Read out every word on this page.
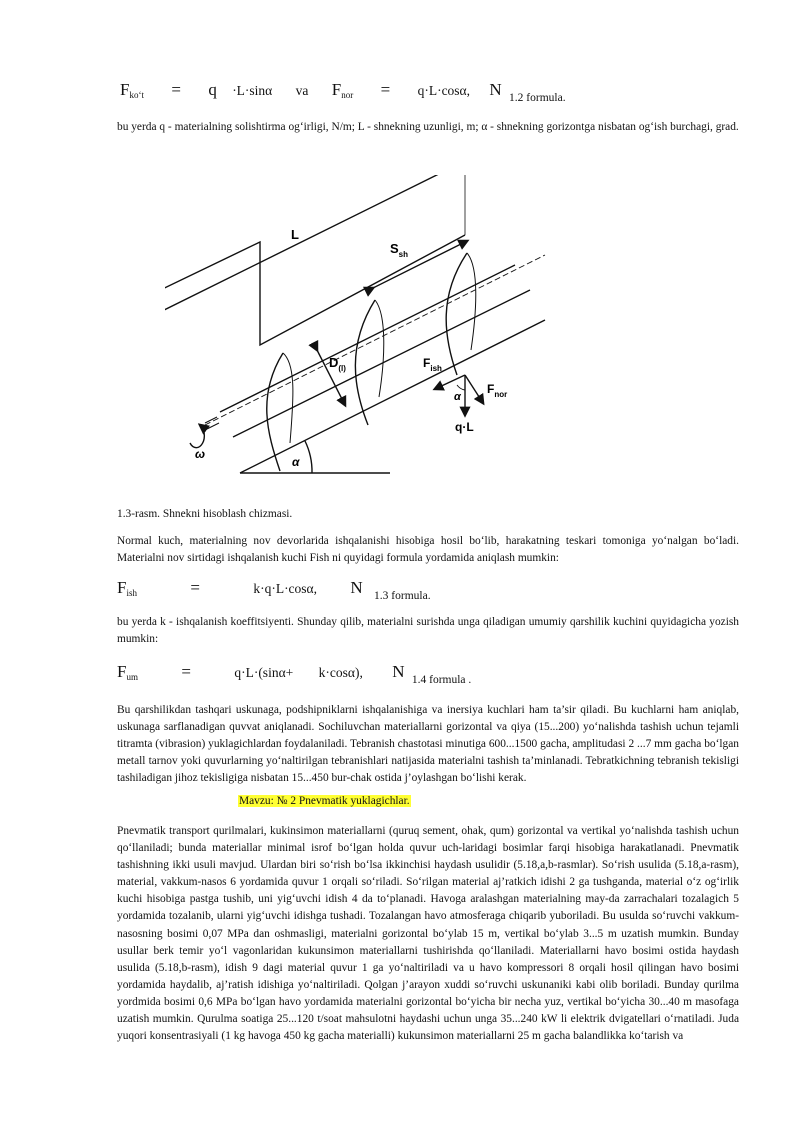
$F_{ko‘t} = q \cdot L\cdot\sin\alpha$ va $F_{nor} = q\cdot L\cdot\cos\alpha$, N 1.2 formula.
bu yerda q - materialning solishtirma og‘irligi, N/m; L - shnekning uzunligi, m; α - shnekning gorizontga nisbatan og‘ish burchagi, grad.
L
$S_{sh}$
$D_{(l)}$	$F_{ish}$
$F_{nor}$
q·L
α
α
ω
1.3-rasm. Shnekni hisoblash chizmasi.
Normal kuch, materialning nov devorlarida ishqalanishi hisobiga hosil bo‘lib, harakatning teskari tomoniga yo‘nalgan bo‘ladi. Materialni nov sirtidagi ishqalanish kuchi Fish ni quyidagi formula yordamida aniqlash mumkin:
$F_{ish}$	=	k·q·L·cosα, N 1.3 formula.
bu yerda k - ishqalanish koeffitsiyenti. Shunday qilib, materialni surishda unga qiladigan umumiy qarshilik kuchini quyidagicha yozish mumkin:
$F_{um}$	=	q·L·(sinα+ k·cosα), N 1.4 formula .
Bu qarshilikdan tashqari uskunaga, podshipniklarni ishqalanishiga va inersiya kuchlari ham ta’sir qiladi. Bu kuchlarni ham aniqlab, uskunaga sarflanadigan quvvat aniqlanadi. Sochiluvchan materiallarni gorizontal va qiya (15...200) yo‘nalishda tashish uchun tejamli titramta (vibrasion) yuklagichlardan foydalaniladi. Tebranish chastotasi minutiga 600...1500 gacha, amplitudasi 2 ...7 mm gacha bo‘lgan metall tarnov yoki quvurlarning yo‘naltirilgan tebranishlari natijasida materialni tashish ta’minlanadi. Tebratkichning tebranish tekisligi tashiladigan jihoz tekisligiga nisbatan 15...450 bur-chak ostida j’oylashgan bo‘lishi kerak.
Mavzu: № 2 Pnevmatik yuklagichlar.
Pnevmatik transport qurilmalari, kukinsimon materiallarni (quruq sement, ohak, qum) gorizontal va vertikal yo‘nalishda tashish uchun qo‘llaniladi; bunda materiallar minimal isrof bo‘lgan holda quvur uch-laridagi bosimlar farqi hisobiga harakatlanadi. Pnevmatik tashishning ikki usuli mavjud. Ulardan biri so‘rish bo‘lsa ikkinchisi haydash usulidir (5.18,a,b-rasmlar). So‘rish usulida (5.18,a-rasm), material, vakkum-nasos 6 yordamida quvur 1 orqali so‘riladi. So‘rilgan material aj’ratkich idishi 2 ga tushganda, material o‘z og‘irlik kuchi hisobiga pastga tushib, uni yig‘uvchi idish 4 da to‘planadi. Havoga aralashgan materialning may-da zarrachalari tozalagich 5 yordamida tozalanib, ularni yig‘uvchi idishga tushadi. Tozalangan havo atmosferaga chiqarib yuboriladi. Bu usulda so‘ruvchi vakkum-nasosning bosimi 0,07 MPa dan oshmasligi, materialni gorizontal bo‘ylab 15 m, vertikal bo‘ylab 3...5 m uzatish mumkin. Bunday usullar berk temir yo‘l vagonlaridan kukunsimon materiallarni tushirishda qo‘llaniladi. Materiallarni havo bosimi ostida haydash usulida (5.18,b-rasm), idish 9 dagi material quvur 1 ga yo‘naltiriladi va u havo kompressori 8 orqali hosil qilingan havo bosimi yordamida haydalib, aj’ratish idishiga yo‘naltiriladi. Qolgan j’arayon xuddi so‘ruvchi uskunaniki kabi olib boriladi. Bunday qurilma yordmida bosimi 0,6 MPa bo‘lgan havo yordamida materialni gorizontal bo‘yicha bir necha yuz, vertikal bo‘yicha 30...40 m masofaga uzatish mumkin. Qurulma soatiga 25...120 t/soat mahsulotni haydashi uchun unga 35...240 kW li elektrik dvigatellari o‘rnatiladi. Juda yuqori konsentrasiyali (1 kg havoga 450 kg gacha materialli) kukunsimon materiallarni 25 m gacha balandlikka ko‘tarish va
